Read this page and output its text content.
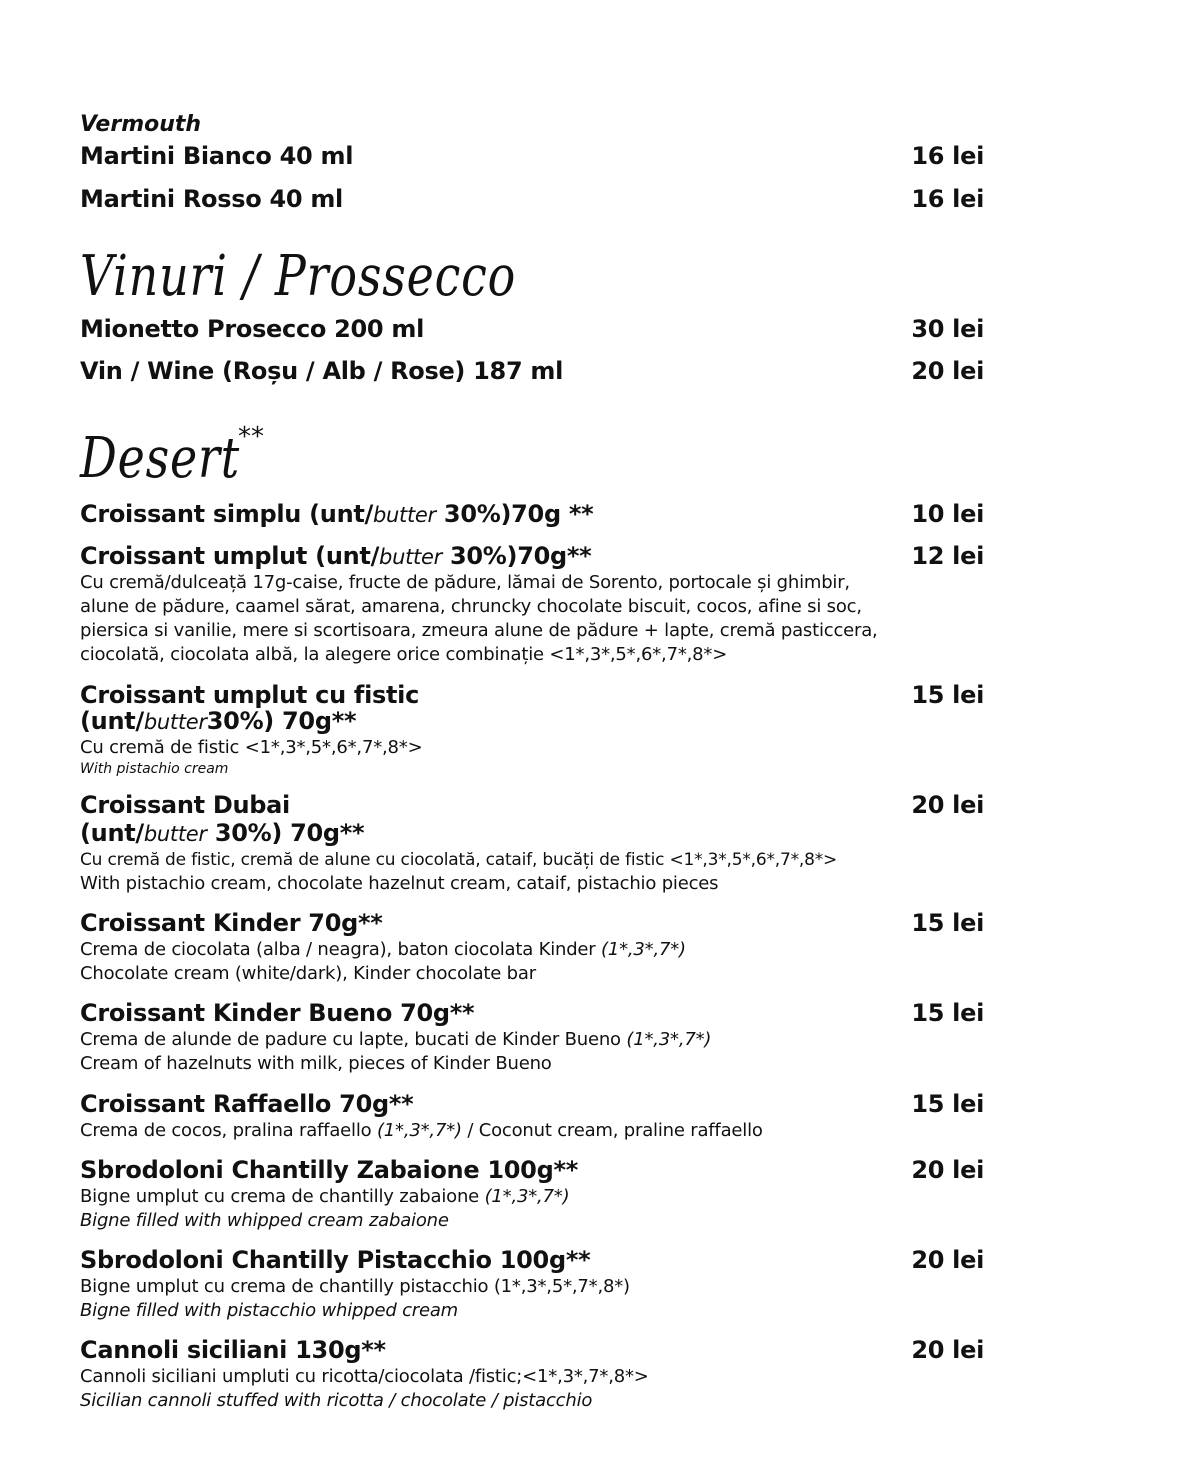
Vermouth
Martini Bianco 40 ml	16 lei
Martini Rosso 40 ml	16 lei
Vinuri / Prossecco
Mionetto Prosecco 200 ml	30 lei
Vin / Wine (Roșu / Alb / Rose) 187 ml	20 lei
Desert
**
Croissant simplu (unt/butter 30%)70g **	10 lei
Croissant umplut (unt/butter 30%)70g**	12 lei
Cu cremă/dulceață 17g-caise, fructe de pădure, lămai de Sorento, portocale și ghimbir,
alune de pădure, caamel sărat, amarena, chruncky chocolate biscuit, cocos, afine si soc,
piersica si vanilie, mere si scortisoara, zmeura alune de pădure + lapte, cremă pasticcera,
ciocolată, ciocolata albă, la alegere orice combinație <1*,3*,5*,6*,7*,8*>
Croissant umplut cu fistic	15 lei
(unt/butter30%) 70g**
Cu cremă de fistic <1*,3*,5*,6*,7*,8*>
With pistachio cream
Croissant Dubai	20 lei
(unt/butter 30%) 70g**
Cu cremă de fistic, cremă de alune cu ciocolată, cataif, bucăți de fistic <1*,3*,5*,6*,7*,8*>
With pistachio cream, chocolate hazelnut cream, cataif, pistachio pieces
Croissant Kinder 70g**	15 lei
Crema de ciocolata (alba / neagra), baton ciocolata Kinder (1*,3*,7*)
Chocolate cream (white/dark), Kinder chocolate bar
Croissant Kinder Bueno 70g**	15 lei
Crema de alunde de padure cu lapte, bucati de Kinder Bueno (1*,3*,7*)
Cream of hazelnuts with milk, pieces of Kinder Bueno
Croissant Raffaello 70g**	15 lei
Crema de cocos, pralina raffaello (1*,3*,7*) / Coconut cream, praline raffaello
Sbrodoloni Chantilly Zabaione 100g**	20 lei
Bigne umplut cu crema de chantilly zabaione (1*,3*,7*)
Bigne filled with whipped cream zabaione
Sbrodoloni Chantilly Pistacchio 100g**	20 lei
Bigne umplut cu crema de chantilly pistacchio (1*,3*,5*,7*,8*)
Bigne filled with pistacchio whipped cream
Cannoli siciliani 130g**	20 lei
Cannoli siciliani umpluti cu ricotta/ciocolata /fistic;<1*,3*,7*,8*>
Sicilian cannoli stuffed with ricotta / chocolate / pistacchio
